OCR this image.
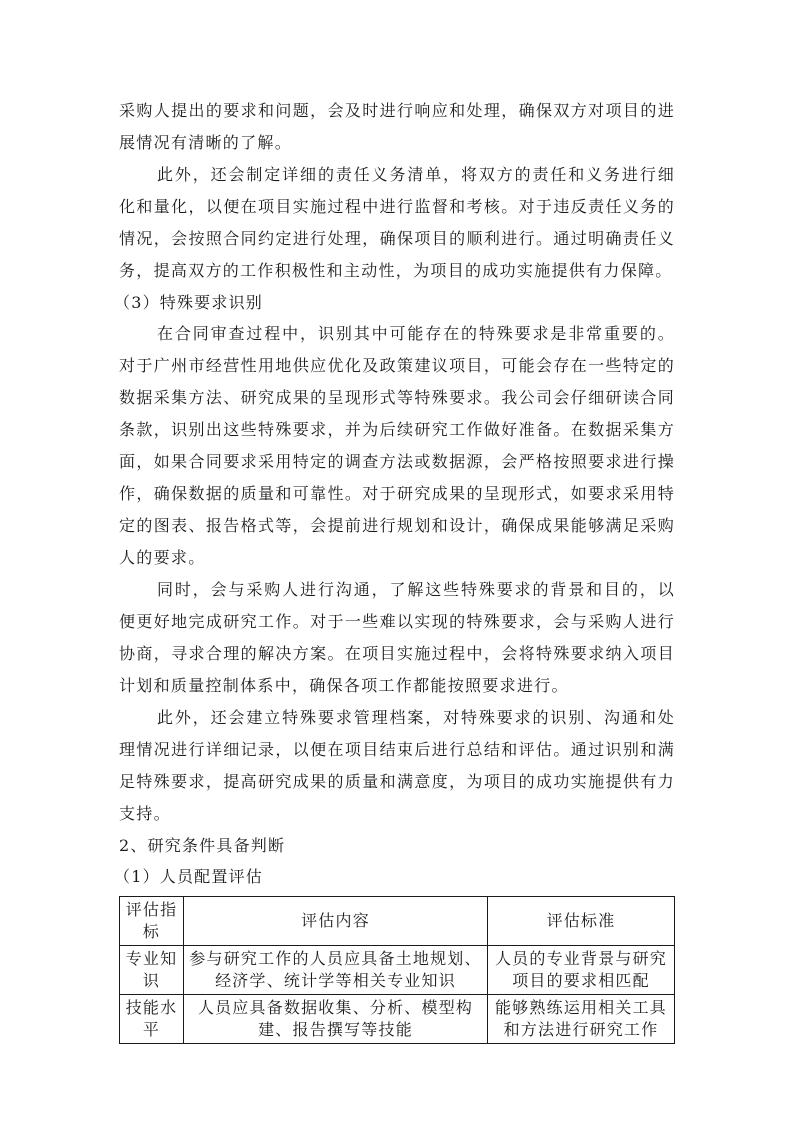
采购人提出的要求和问题，会及时进行响应和处理，确保双方对项目的进展情况有清晰的了解。

此外，还会制定详细的责任义务清单，将双方的责任和义务进行细化和量化，以便在项目实施过程中进行监督和考核。对于违反责任义务的情况，会按照合同约定进行处理，确保项目的顺利进行。通过明确责任义务，提高双方的工作积极性和主动性，为项目的成功实施提供有力保障。

（3）特殊要求识别

在合同审查过程中，识别其中可能存在的特殊要求是非常重要的。对于广州市经营性用地供应优化及政策建议项目，可能会存在一些特定的数据采集方法、研究成果的呈现形式等特殊要求。我公司会仔细研读合同条款，识别出这些特殊要求，并为后续研究工作做好准备。在数据采集方面，如果合同要求采用特定的调查方法或数据源，会严格按照要求进行操作，确保数据的质量和可靠性。对于研究成果的呈现形式，如要求采用特定的图表、报告格式等，会提前进行规划和设计，确保成果能够满足采购人的要求。

同时，会与采购人进行沟通，了解这些特殊要求的背景和目的，以便更好地完成研究工作。对于一些难以实现的特殊要求，会与采购人进行协商，寻求合理的解决方案。在项目实施过程中，会将特殊要求纳入项目计划和质量控制体系中，确保各项工作都能按照要求进行。

此外，还会建立特殊要求管理档案，对特殊要求的识别、沟通和处理情况进行详细记录，以便在项目结束后进行总结和评估。通过识别和满足特殊要求，提高研究成果的质量和满意度，为项目的成功实施提供有力支持。

2、研究条件具备判断

（1）人员配置评估

评估指标	评估内容	评估标准
专业知识	参与研究工作的人员应具备土地规划、经济学、统计学等相关专业知识	人员的专业背景与研究项目的要求相匹配
技能水平	人员应具备数据收集、分析、模型构建、报告撰写等技能	能够熟练运用相关工具和方法进行研究工作
